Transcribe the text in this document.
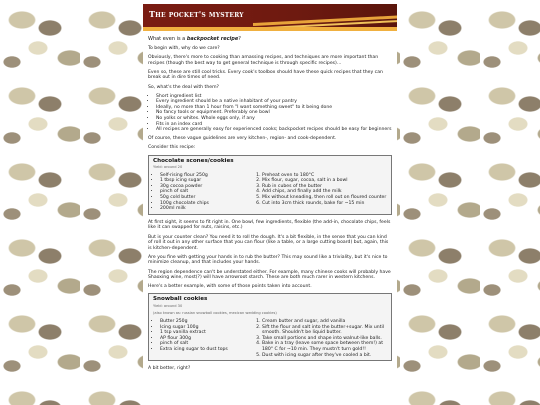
The pocket's mystery

What even is a backpocket recipe?

To begin with, why do we care?

Obviously, there's more to cooking than amassing recipes, and techniques are more important than recipes (though the best way to get general technique is through specific recipes)…

Even so, these are still cool tricks. Every cook's toolbox should have these quick recipes that they can break out in dire times of need.

So, what's the deal with them?

• Short ingredient list
• Every ingredient should be a native inhabitant of your pantry
• Ideally, no more than 1 hour from "I want something sweet" to it being done
• No fancy tools or equipment. Preferably one bowl
• No yolks or whites. Whole eggs only, if any
• Fits in an index card
• All recipes are generally easy for experienced cooks; backpocket recipes should be easy for beginners

Of course, these vague guidelines are very kitchen-, region- and cook-dependent.

Consider this recipe:

Chocolate scones/cookies
Yield: around 20
• Self-rising flour 250g
• 1 tbsp icing sugar
• 30g cocoa powder
• pinch of salt
• 50g cold butter
• 100g chocolate chips
• 200ml milk
1. Preheat oven to 180°C
2. Mix flour, sugar, cocoa, salt in a bowl
3. Rub in cubes of the butter
4. Add chips, and finally add the milk
5. Mix without kneading, then roll out on floured counter
6. Cut into 3cm thick rounds, bake for ~15 min

At first sight, it seems to fit right in. One bowl, few ingredients, flexible (the add-in, chocolate chips, feels like it can swapped for nuts, raisins, etc.)

But is your counter clean? You need it to roll the dough. It's a bit flexible, in the sense that you can kind of roll it out in any other surface that you can flour (like a table, or a large cutting board) but, again, this is kitchen-dependent.

Are you fine with getting your hands in to rub the butter? This may sound like a triviality, but it's nice to minimize cleanup, and that includes your hands.

The region dependence can't be understated either. For example, many chinese cooks will probably have Shaoxing wine, most(?) will have arrowroot starch. These are both much rarer in western kitchens.

Here's a better example, with some of those points taken into account.

Snowball cookies
Yield: around 30
(also known as: russian snowball cookies, mexican wedding cookies)
• Butter 250g
• Icing sugar 100g
• 1 tsp vanilla extract
• AP flour 300g
• pinch of salt
• Extra icing sugar to dust tops
1. Cream butter and sugar, add vanilla
2. Sift the flour and salt into the butter+sugar. Mix until smooth. Shouldn't be liquid butter.
3. Take small portions and shape into walnut-like balls.
4. Bake in a tray (leave some space between them!) at 180° C for ~10 min. They mustn't turn gold!!
5. Dust with icing sugar after they've cooled a bit.

A bit better, right?
